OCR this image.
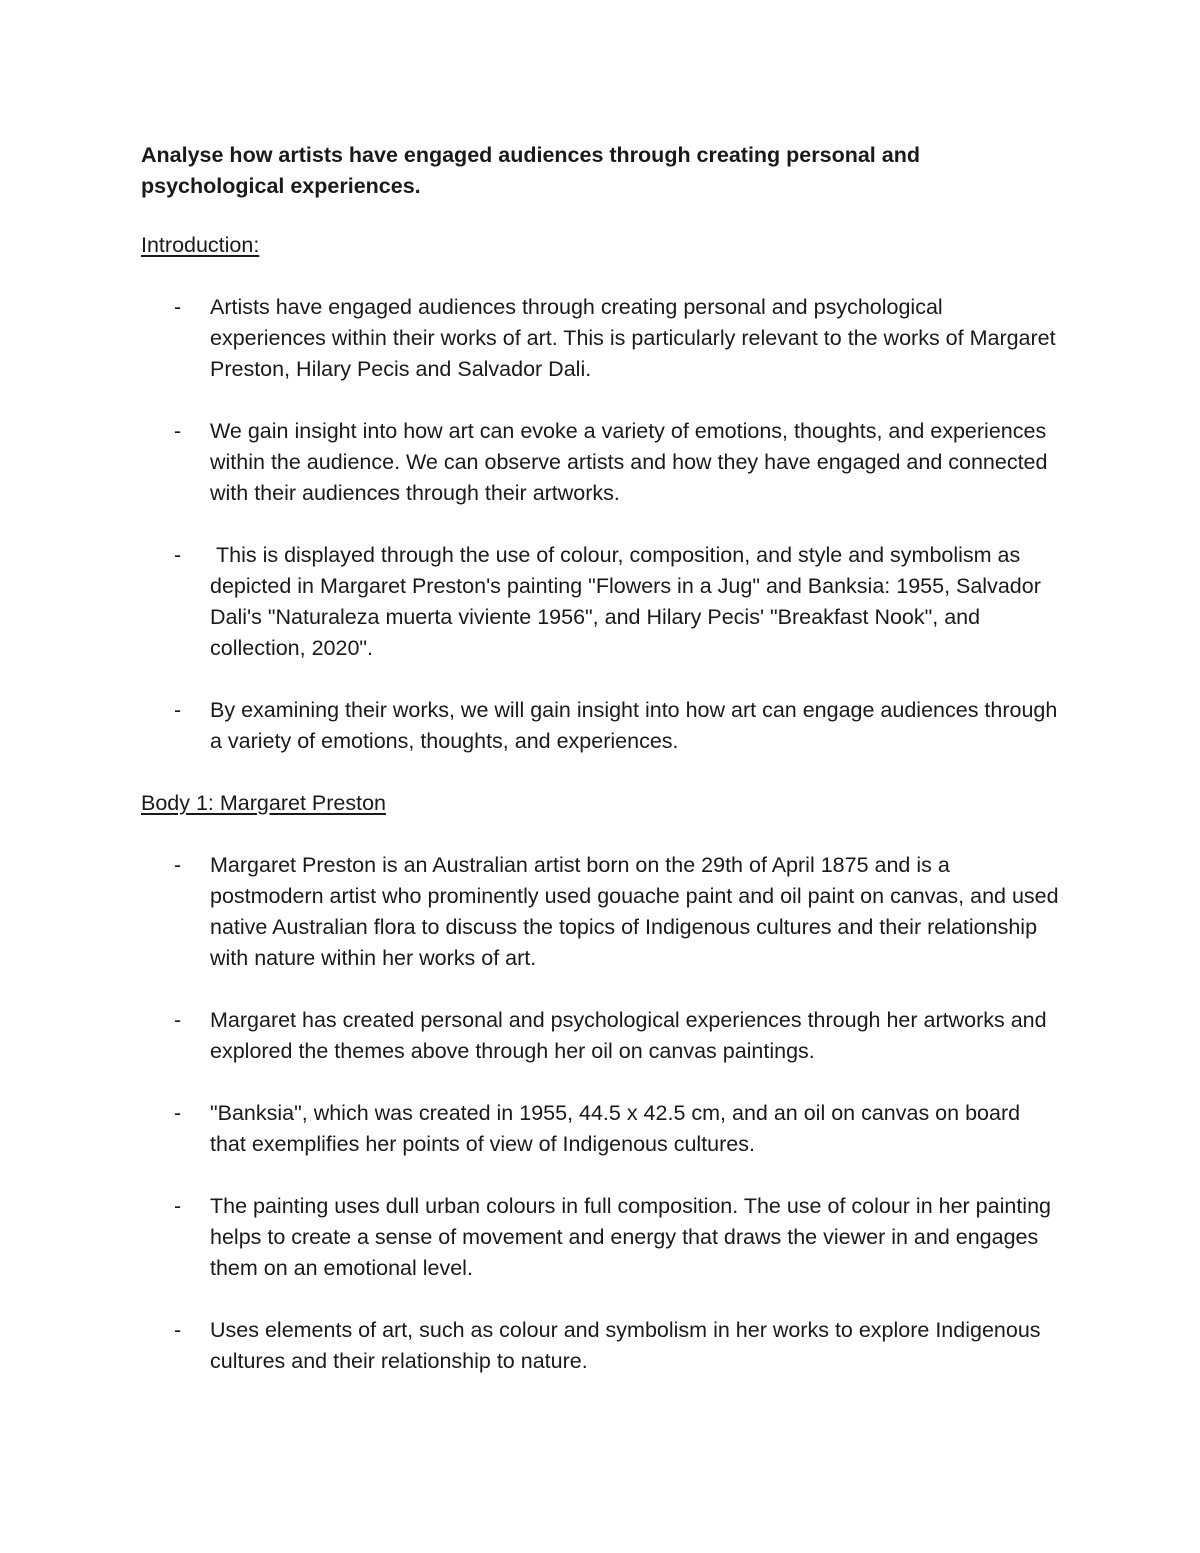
Analyse how artists have engaged audiences through creating personal and
psychological experiences.
Introduction:
-	Artists have engaged audiences through creating personal and psychological experiences within their works of art. This is particularly relevant to the works of Margaret Preston, Hilary Pecis and Salvador Dali.
-	We gain insight into how art can evoke a variety of emotions, thoughts, and experiences within the audience. We can observe artists and how they have engaged and connected with their audiences through their artworks.
-	This is displayed through the use of colour, composition, and style and symbolism as depicted in Margaret Preston's painting "Flowers in a Jug" and Banksia: 1955, Salvador Dali's "Naturaleza muerta viviente 1956", and Hilary Pecis' "Breakfast Nook", and collection, 2020".
-	By examining their works, we will gain insight into how art can engage audiences through a variety of emotions, thoughts, and experiences.
Body 1: Margaret Preston
-	Margaret Preston is an Australian artist born on the 29th of April 1875 and is a postmodern artist who prominently used gouache paint and oil paint on canvas, and used native Australian flora to discuss the topics of Indigenous cultures and their relationship with nature within her works of art.
-	Margaret has created personal and psychological experiences through her artworks and explored the themes above through her oil on canvas paintings.
-	"Banksia", which was created in 1955, 44.5 x 42.5 cm, and an oil on canvas on board that exemplifies her points of view of Indigenous cultures.
-	The painting uses dull urban colours in full composition. The use of colour in her painting helps to create a sense of movement and energy that draws the viewer in and engages them on an emotional level.
-	Uses elements of art, such as colour and symbolism in her works to explore Indigenous cultures and their relationship to nature.
